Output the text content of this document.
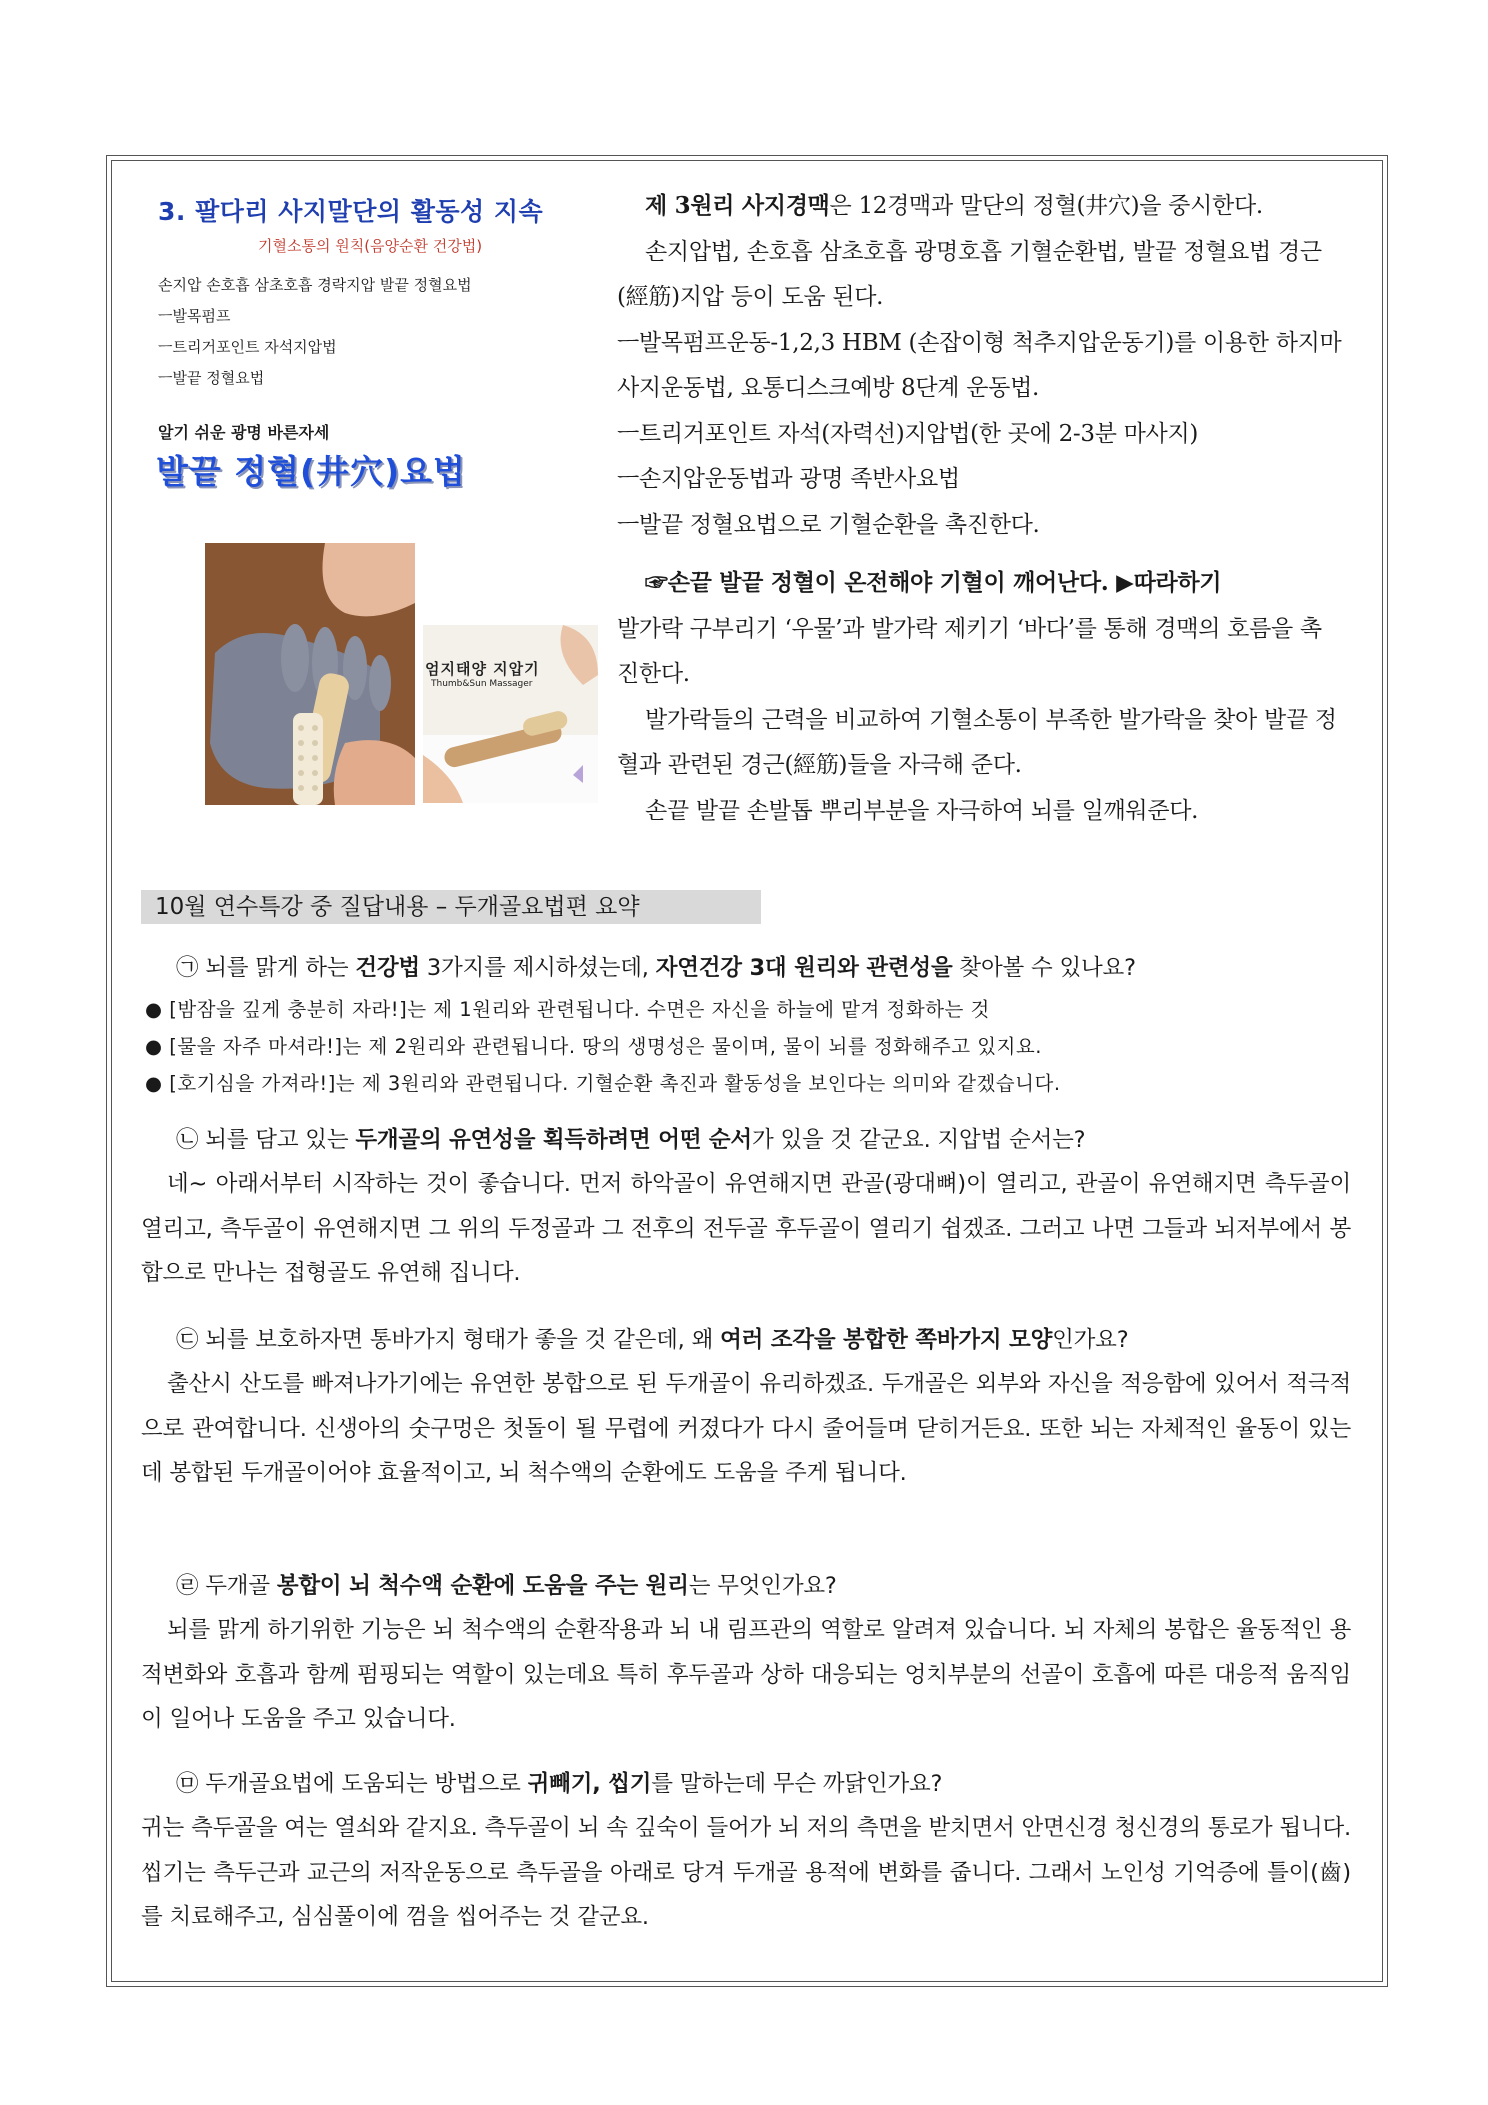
3. 팔다리 사지말단의 활동성 지속
기혈소통의 원칙(음양순환 건강법)
손지압 손호흡 삼초호흡 경락지압 발끝 정혈요법
ㅡ발목펌프
ㅡ트리거포인트 자석지압법
ㅡ발끝 정혈요법
알기 쉬운 광명 바른자세
발끝 정혈(井穴)요법
엄지태양 지압기
Thumb&Sun Massager

제 3원리 사지경맥은 12경맥과 말단의 정혈(井穴)을 중시한다.

손지압법, 손호흡 삼초호흡 광명호흡 기혈순환법, 발끝 정혈요법 경근(經筋)지압 등이 도움 된다.

ㅡ발목펌프운동-1,2,3 HBM (손잡이형 척추지압운동기)를 이용한 하지마사지운동법, 요통디스크예방 8단계 운동법.

ㅡ트리거포인트 자석(자력선)지압법(한 곳에 2-3분 마사지)

ㅡ손지압운동법과 광명 족반사요법

ㅡ발끝 정혈요법으로 기혈순환을 촉진한다.

☞손끝 발끝 정혈이 온전해야 기혈이 깨어난다. ▶따라하기

발가락 구부리기 ‘우물’과 발가락 제키기 ‘바다’를 통해 경맥의 호름을 촉진한다.

발가락들의 근력을 비교하여 기혈소통이 부족한 발가락을 찾아 발끝 정혈과 관련된 경근(經筋)들을 자극해 준다.

손끝 발끝 손발톱 뿌리부분을 자극하여 뇌를 일깨워준다.

10월 연수특강 중 질답내용 – 두개골요법편 요약
㉠ 뇌를 맑게 하는 건강법 3가지를 제시하셨는데, 자연건강 3대 원리와 관련성을 찾아볼 수 있나요?
● [밤잠을 깊게 충분히 자라!]는 제 1원리와 관련됩니다. 수면은 자신을 하늘에 맡겨 정화하는 것
● [물을 자주 마셔라!]는 제 2원리와 관련됩니다. 땅의 생명성은 물이며, 물이 뇌를 정화해주고 있지요.
● [호기심을 가져라!]는 제 3원리와 관련됩니다. 기혈순환 촉진과 활동성을 보인다는 의미와 같겠습니다.
㉡ 뇌를 담고 있는 두개골의 유연성을 획득하려면 어떤 순서가 있을 것 같군요. 지압법 순서는?
네~ 아래서부터 시작하는 것이 좋습니다. 먼저 하악골이 유연해지면 관골(광대뼈)이 열리고, 관골이 유연해지면 측두골이 열리고, 측두골이 유연해지면 그 위의 두정골과 그 전후의 전두골 후두골이 열리기 쉽겠죠. 그러고 나면 그들과 뇌저부에서 봉합으로 만나는 접형골도 유연해 집니다.
㉢ 뇌를 보호하자면 통바가지 형태가 좋을 것 같은데, 왜 여러 조각을 봉합한 쪽바가지 모양인가요?
출산시 산도를 빠져나가기에는 유연한 봉합으로 된 두개골이 유리하겠죠. 두개골은 외부와 자신을 적응함에 있어서 적극적으로 관여합니다. 신생아의 숫구멍은 첫돌이 될 무렵에 커졌다가 다시 줄어들며 닫히거든요. 또한 뇌는 자체적인 율동이 있는데 봉합된 두개골이어야 효율적이고, 뇌 척수액의 순환에도 도움을 주게 됩니다.
㉣ 두개골 봉합이 뇌 척수액 순환에 도움을 주는 원리는 무엇인가요?
뇌를 맑게 하기위한 기능은 뇌 척수액의 순환작용과 뇌 내 림프관의 역할로 알려져 있습니다. 뇌 자체의 봉합은 율동적인 용적변화와 호흡과 함께 펌핑되는 역할이 있는데요 특히 후두골과 상하 대응되는 엉치부분의 선골이 호흡에 따른 대응적 움직임이 일어나 도움을 주고 있습니다.
㉤ 두개골요법에 도움되는 방법으로 귀빼기, 씹기를 말하는데 무슨 까닭인가요?
귀는 측두골을 여는 열쇠와 같지요. 측두골이 뇌 속 깊숙이 들어가 뇌 저의 측면을 받치면서 안면신경 청신경의 통로가 됩니다. 씹기는 측두근과 교근의 저작운동으로 측두골을 아래로 당겨 두개골 용적에 변화를 줍니다. 그래서 노인성 기억증에 틀이(齒)를 치료해주고, 심심풀이에 껌을 씹어주는 것 같군요.
